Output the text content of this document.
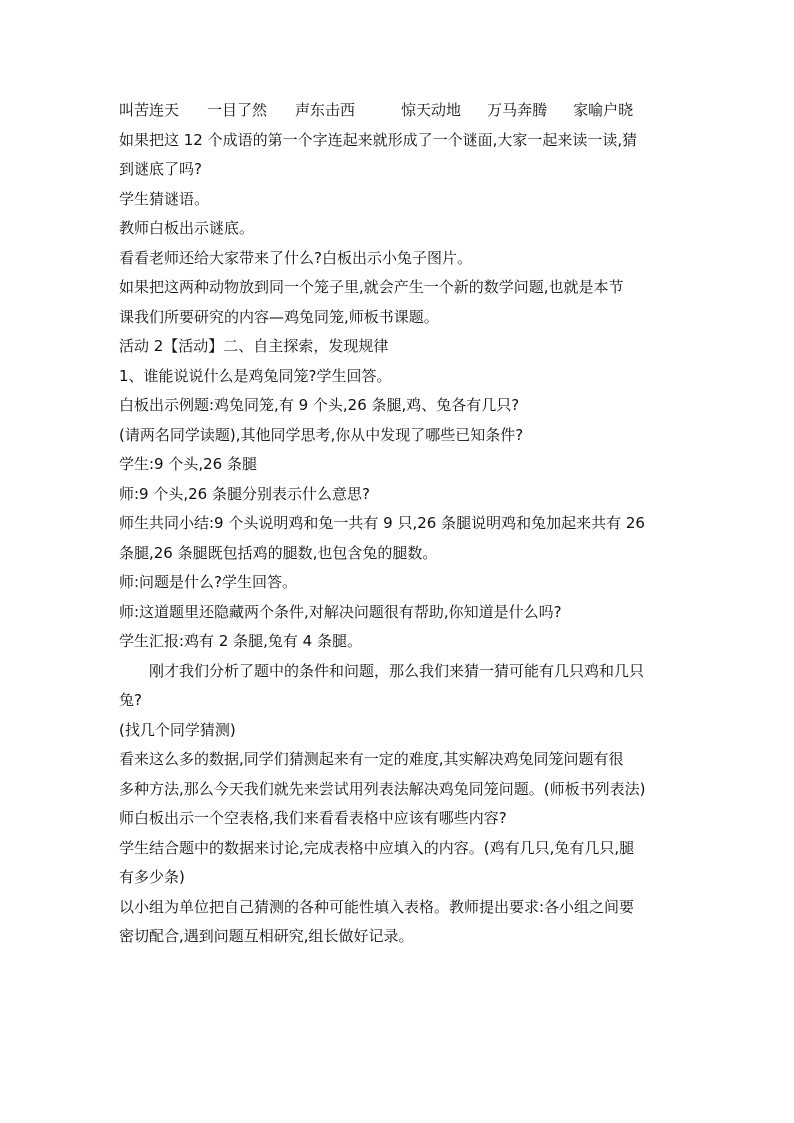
叫苦连天 一目了然 声东击西	惊天动地 万马奔腾 家喻户晓
如果把这 12 个成语的第一个字连起来就形成了一个谜面,大家一起来读一读,猜
到谜底了吗?
学生猜谜语。
教师白板出示谜底。
看看老师还给大家带来了什么?白板出示小兔子图片。
如果把这两种动物放到同一个笼子里,就会产生一个新的数学问题,也就是本节
课我们所要研究的内容—鸡兔同笼,师板书课题。
活动 2【活动】二、自主探索，发现规律
1、谁能说说什么是鸡兔同笼?学生回答。
白板出示例题:鸡兔同笼,有 9 个头,26 条腿,鸡、兔各有几只?
(请两名同学读题),其他同学思考,你从中发现了哪些已知条件?
学生:9 个头,26 条腿
师:9 个头,26 条腿分别表示什么意思?
师生共同小结:9 个头说明鸡和兔一共有 9 只,26 条腿说明鸡和兔加起来共有 26
条腿,26 条腿既包括鸡的腿数,也包含兔的腿数。
师:问题是什么?学生回答。
师:这道题里还隐藏两个条件,对解决问题很有帮助,你知道是什么吗?
学生汇报:鸡有 2 条腿,兔有 4 条腿。
刚才我们分析了题中的条件和问题，那么我们来猜一猜可能有几只鸡和几只
兔?
(找几个同学猜测)
看来这么多的数据,同学们猜测起来有一定的难度,其实解决鸡兔同笼问题有很
多种方法,那么今天我们就先来尝试用列表法解决鸡兔同笼问题。(师板书列表法)
师白板出示一个空表格,我们来看看表格中应该有哪些内容?
学生结合题中的数据来讨论,完成表格中应填入的内容。(鸡有几只,兔有几只,腿
有多少条)
以小组为单位把自己猜测的各种可能性填入表格。教师提出要求:各小组之间要
密切配合,遇到问题互相研究,组长做好记录。
